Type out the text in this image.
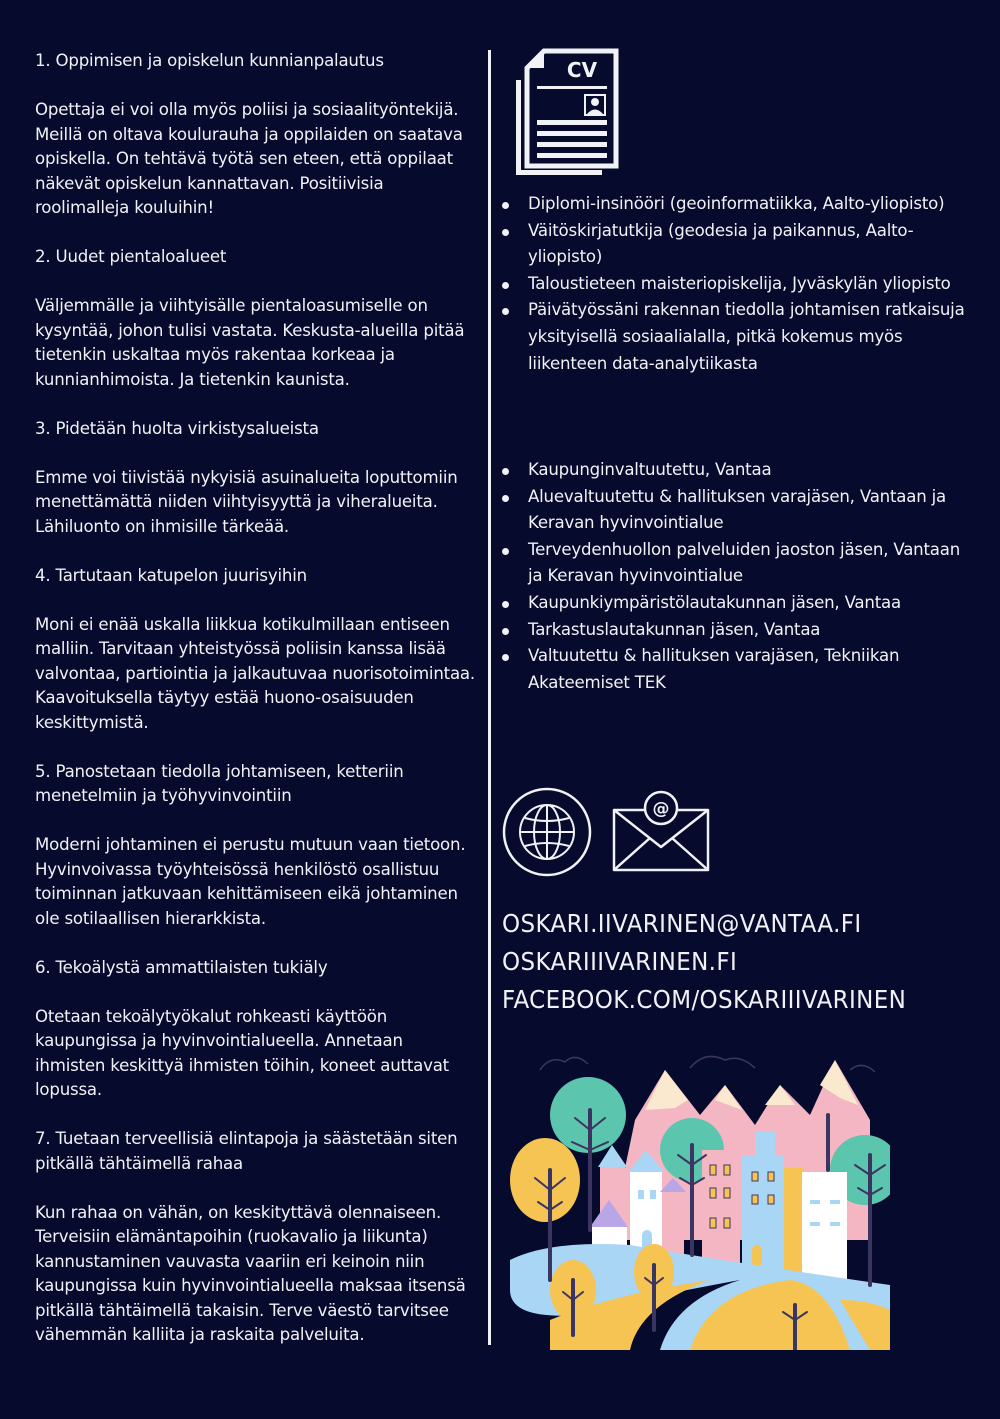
1. Oppimisen ja opiskelun kunnianpalautus

Opettaja ei voi olla myös poliisi ja sosiaalityöntekijä. Meillä on oltava koulurauha ja oppilaiden on saatava opiskella. On tehtävä työtä sen eteen, että oppilaat näkevät opiskelun kannattavan. Positiivisia roolimalleja kouluihin!

2. Uudet pientaloalueet

Väljemmälle ja viihtyisälle pientaloasumiselle on kysyntää, johon tulisi vastata. Keskusta-alueilla pitää tietenkin uskaltaa myös rakentaa korkeaa ja kunnianhimoista. Ja tietenkin kaunista.

3. Pidetään huolta virkistysalueista

Emme voi tiivistää nykyisiä asuinalueita loputtomiin menettämättä niiden viihtyisyyttä ja viheralueita. Lähiluonto on ihmisille tärkeää.

4. Tartutaan katupelon juurisyihin

Moni ei enää uskalla liikkua kotikulmillaan entiseen malliin. Tarvitaan yhteistyössä poliisin kanssa lisää valvontaa, partiointia ja jalkautuvaa nuorisotoimintaa. Kaavoituksella täytyy estää huono-osaisuuden keskittymistä.

5. Panostetaan tiedolla johtamiseen, ketteriin menetelmiin ja työhyvinvointiin

Moderni johtaminen ei perustu mutuun vaan tietoon. Hyvinvoivassa työyhteisössä henkilöstö osallistuu toiminnan jatkuvaan kehittämiseen eikä johtaminen ole sotilaallisen hierarkkista.

6. Tekoälystä ammattilaisten tukiäly

Otetaan tekoälytyökalut rohkeasti käyttöön kaupungissa ja hyvinvointialueella. Annetaan ihmisten keskittyä ihmisten töihin, koneet auttavat lopussa.

7. Tuetaan terveellisiä elintapoja ja säästetään siten pitkällä tähtäimellä rahaa

Kun rahaa on vähän, on keskityttävä olennaiseen. Terveisiin elämäntapoihin (ruokavalio ja liikunta) kannustaminen vauvasta vaariin eri keinoin niin kaupungissa kuin hyvinvointialueella maksaa itsensä pitkällä tähtäimellä takaisin. Terve väestö tarvitsee vähemmän kalliita ja raskaita palveluita.

CV
Diplomi-insinööri (geoinformatiikka, Aalto-yliopisto)
Väitöskirjatutkija (geodesia ja paikannus, Aalto-yliopisto)
Taloustieteen maisteriopiskelija, Jyväskylän yliopisto
Päivätyössäni rakennan tiedolla johtamisen ratkaisuja yksityisellä sosiaalialalla, pitkä kokemus myös liikenteen data-analytiikasta
Kaupunginvaltuutettu, Vantaa
Aluevaltuutettu & hallituksen varajäsen, Vantaan ja Keravan hyvinvointialue
Terveydenhuollon palveluiden jaoston jäsen, Vantaan ja Keravan hyvinvointialue
Kaupunkiympäristölautakunnan jäsen, Vantaa
Tarkastuslautakunnan jäsen, Vantaa
Valtuutettu & hallituksen varajäsen, Tekniikan Akateemiset TEK
@
OSKARI.IIVARINEN@VANTAA.FI
OSKARIIIVARINEN.FI
FACEBOOK.COM/OSKARIIIVARINEN
